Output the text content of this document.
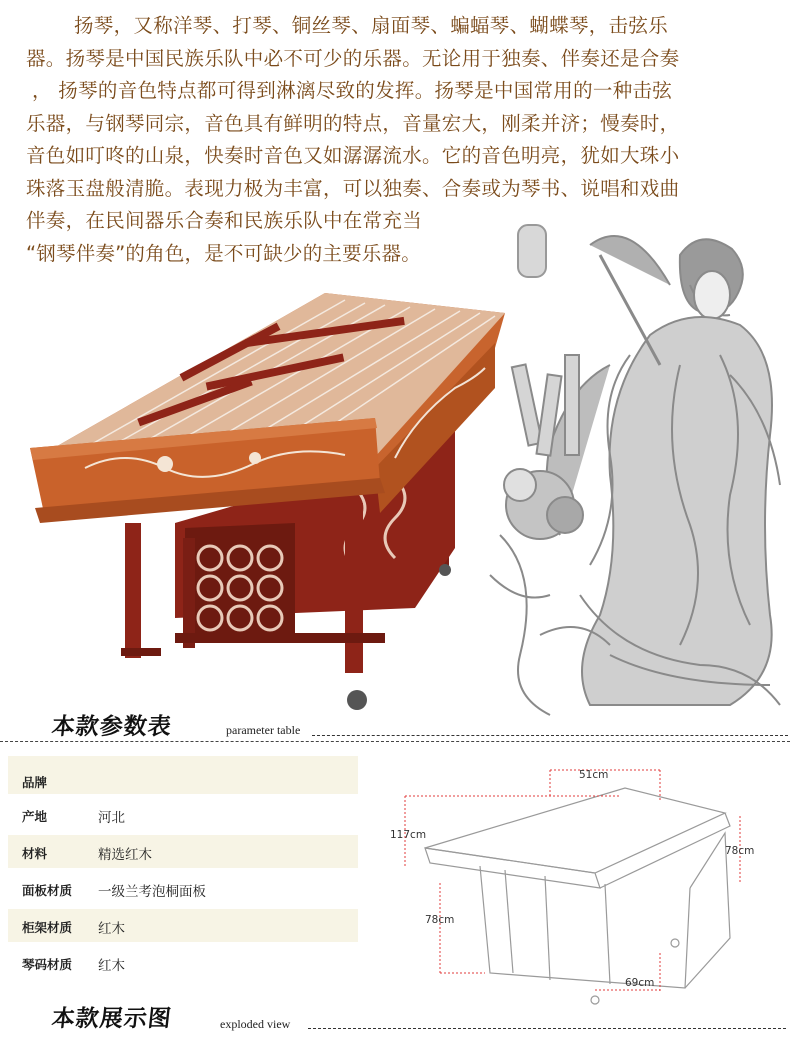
扬琴，又称洋琴、打琴、铜丝琴、扇面琴、蝙蝠琴、蝴蝶琴，击弦乐
器。扬琴是中国民族乐队中必不可少的乐器。无论用于独奏、伴奏还是合奏
， 扬琴的音色特点都可得到淋漓尽致的发挥。扬琴是中国常用的一种击弦
乐器，与钢琴同宗，音色具有鲜明的特点，音量宏大，刚柔并济；慢奏时，
音色如叮咚的山泉，快奏时音色又如潺潺流水。它的音色明亮，犹如大珠小
珠落玉盘般清脆。表现力极为丰富，可以独奏、合奏或为琴书、说唱和戏曲
伴奏，在民间器乐合奏和民族乐队中在常充当
“钢琴伴奏”的角色，是不可缺少的主要乐器。

本款参数表	parameter table
品牌
产地	河北
材料	精选红木
面板材质 一级兰考泡桐面板
柜架材质 红木
琴码材质 红木
51cm
117cm
78cm
78cm
69cm
本款展示图	exploded view
